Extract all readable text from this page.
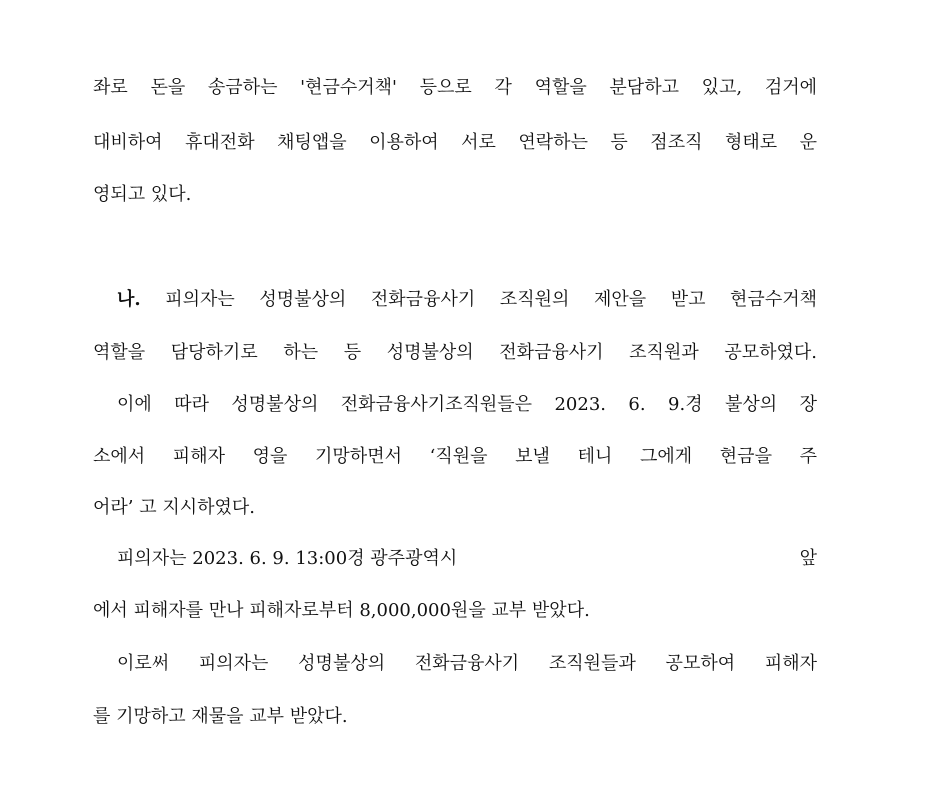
좌로 돈을 송금하는 '현금수거책' 등으로 각 역할을 분담하고 있고, 검거에
대비하여 휴대전화 채팅앱을 이용하여 서로 연락하는 등 점조직 형태로 운
영되고 있다.
나. 피의자는 성명불상의 전화금융사기 조직원의 제안을 받고 현금수거책
역할을 담당하기로 하는 등 성명불상의 전화금융사기 조직원과 공모하였다.
이에 따라 성명불상의 전화금융사기조직원들은 2023. 6. 9.경 불상의 장
소에서 피해자 영을 기망하면서 ‘직원을 보낼 테니 그에게 현금을 주
어라’ 고 지시하였다.
피의자는 2023. 6. 9. 13:00경 광주광역시	앞
에서 피해자를 만나 피해자로부터 8,000,000원을 교부 받았다.
이로써 피의자는 성명불상의 전화금융사기 조직원들과 공모하여 피해자
를 기망하고 재물을 교부 받았다.
